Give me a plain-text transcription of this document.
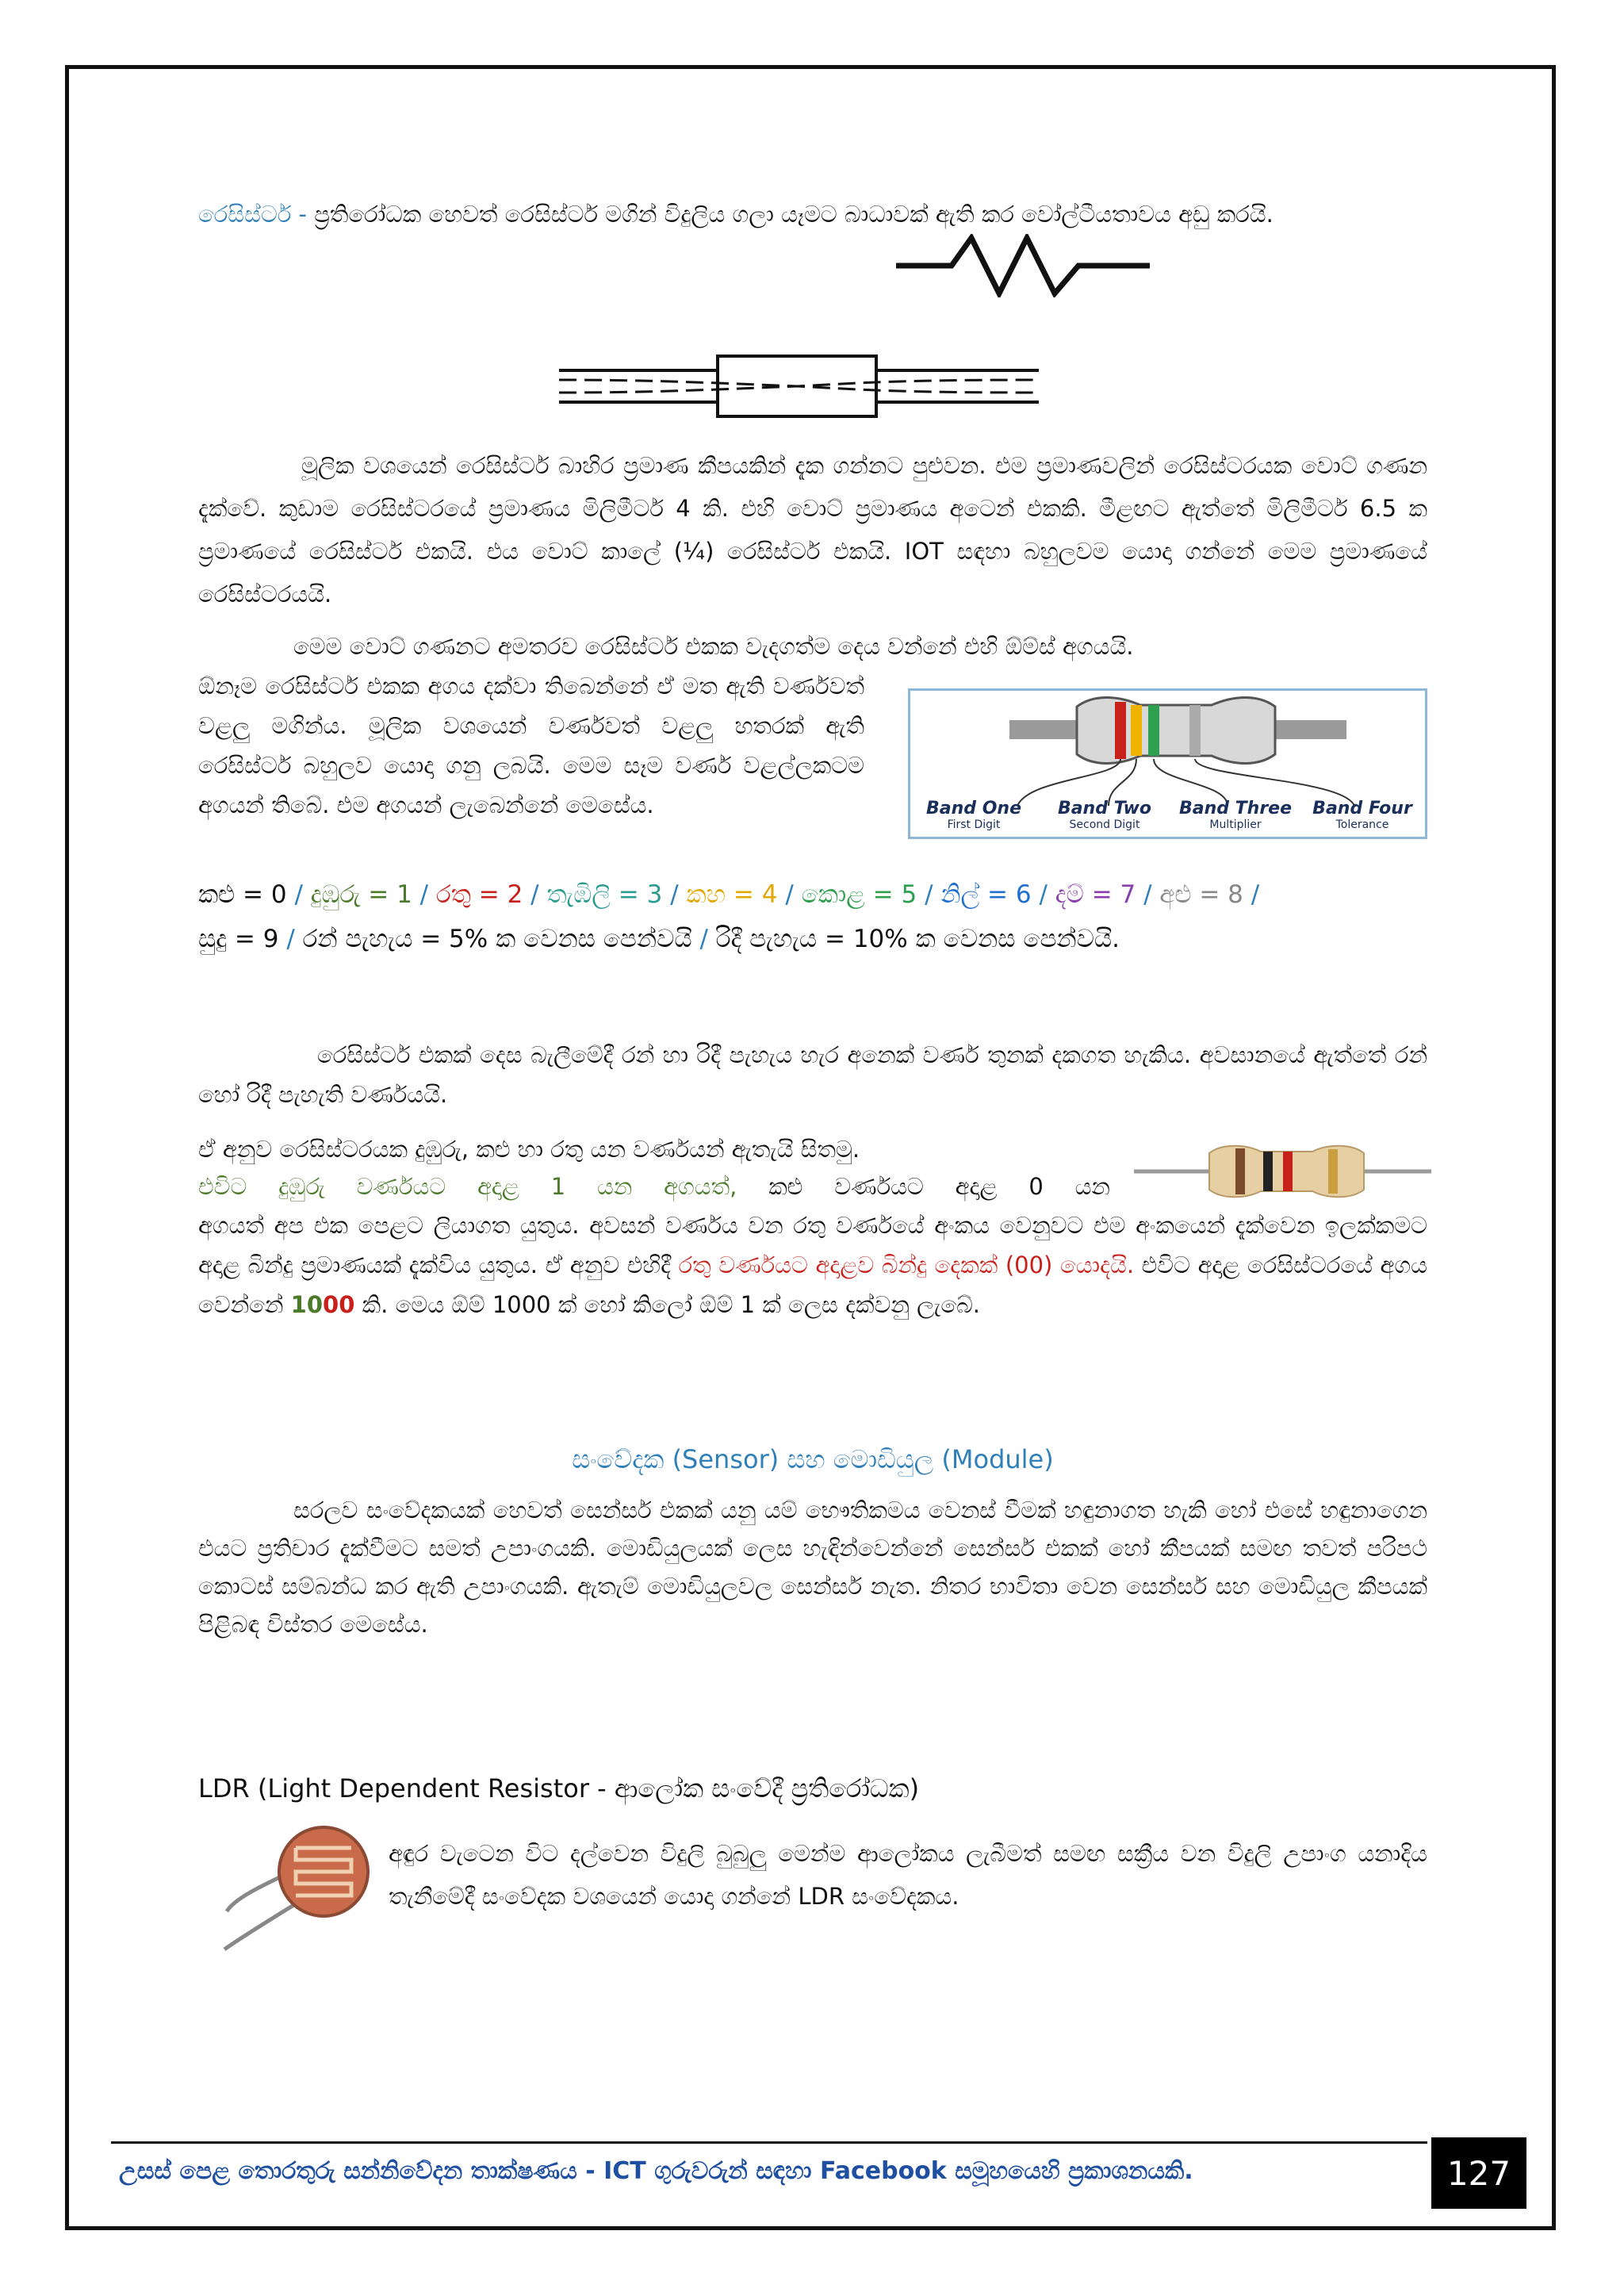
රෙසිස්ටර් - ප්‍රතිරෝධක හෙවත් රෙසිස්ටර් මගින් විදුලිය ගලා යෑමට බාධාවක් ඇති කර වෝල්ටීයතාවය අඩු කරයි.
මූලික වශයෙන් රෙසිස්ටර් බාහිර ප්‍රමාණ කීපයකින් දැක ගන්නට පුළුවන. එම ප්‍රමාණවලින් රෙසිස්ටරයක වොට් ගණන දැක්වේ. කුඩාම රෙසිස්ටරයේ ප්‍රමාණය මිලිමීටර් 4 කි. එහි වොට් ප්‍රමාණය අටෙන් එකකි. මීළඟට ඇත්තේ මිලිමීටර් 6.5 ක ප්‍රමාණයේ රෙසිස්ටර් එකයි. එය වොට් කාලේ (¼) රෙසිස්ටර් එකයි. IOT සඳහා බහුලවම යොදා ගන්නේ මෙම ප්‍රමාණයේ රෙසිස්ටරයයි.
මෙම වොට් ගණනට අමතරව රෙසිස්ටර් එකක වැදගත්ම දෙය වන්නේ එහි ඕම්ස් අගයයි.
ඕනෑම රෙසිස්ටර් එකක අගය දක්වා තිබෙන්නේ ඒ මත ඇති වර්ණවත් වළලු මගින්ය. මූලික වශයෙන් වර්ණවත් වළලු හතරක් ඇති රෙසිස්ටර් බහුලව යොදා ගනු ලබයි. මෙම සෑම වර්ණ වළල්ලකටම අගයන් තිබේ. එම අගයන් ලැබෙන්නේ මෙසේය.	Band One
First Digit
Band Two
Second Digit
Band Three
Multiplier
Band Four
Tolerance
කළු = 0 / දුඹුරු = 1 / රතු = 2 / තැඹිලි = 3 / කහ = 4 / කොළ = 5 / නිල් = 6 / දම් = 7 / අළු = 8 /
සුදු = 9 / රන් පැහැය = 5% ක වෙනස පෙන්වයි / රිදී පැහැය = 10% ක වෙනස පෙන්වයි.
රෙසිස්ටර් එකක් දෙස බැලීමේදී රන් හා රිදී පැහැය හැර අනෙක් වර්ණ තුනක් දකගත හැකිය. අවසානයේ ඇත්තේ රන් හෝ රිදී පැහැති වර්ණයයි.
ඒ අනුව රෙසිස්ටරයක දුඹුරු, කළු හා රතු යන වර්ණයන් ඇතැයි සිතමු.
එවිට දුඹුරු වර්ණයට අදාළ 1 යන අගයත්, කළු වර්ණයට අදාළ 0 යන
අගයත් අප එක පෙළට ලියාගත යුතුය. අවසන් වර්ණය වන රතු වර්ණයේ අංකය වෙනුවට එම අංකයෙන් දැක්වෙන ඉලක්කමට අදාළ බින්දු ප්‍රමාණයක් දැක්විය යුතුය. ඒ අනුව එහිදී රතු වර්ණයට අදාළව බින්දු දෙකක් (00) යොදයි. එවිට අදාළ රෙසිස්ටරයේ අගය වෙන්නේ 1000 කි. මෙය ඕම් 1000 ක් හෝ කිලෝ ඕම් 1 ක් ලෙස දක්වනු ලැබේ.
සංවේදක (Sensor) සහ මොඩියුල (Module)
සරලව සංවේදකයක් හෙවත් සෙන්සර් එකක් යනු යම් භෞතිකමය වෙනස් වීමක් හඳුනාගත හැකි හෝ එසේ හඳුනාගෙන එයට ප්‍රතිචාර දැක්වීමට සමත් උපාංගයකි. මොඩියුලයක් ලෙස හැඳින්වෙන්නේ සෙන්සර් එකක් හෝ කීපයක් සමඟ තවත් පරිපථ කොටස් සම්බන්ධ කර ඇති උපාංගයකි. ඇතැම් මොඩියුලවල සෙන්සර් නැත. නිතර භාවිතා වෙන සෙන්සර් සහ මොඩියුල කීපයක් පිළිබඳ විස්තර මෙසේය.
LDR (Light Dependent Resistor - ආලෝක සංවේදී ප්‍රතිරෝධක)
අඳුර වැටෙන විට දල්වෙන විදුලි බුබුලු මෙන්ම ආලෝකය ලැබීමත් සමඟ සක්‍රීය වන විදුලි උපාංග යනාදිය තැනීමේදී සංවේදක වශයෙන් යොදා ගන්නේ LDR සංවේදකය.
උසස් පෙළ තොරතුරු සන්නිවේදන තාක්ෂණය - ICT ගුරුවරුන් සඳහා Facebook සමූහයෙහි ප්‍රකාශනයකි.	127
